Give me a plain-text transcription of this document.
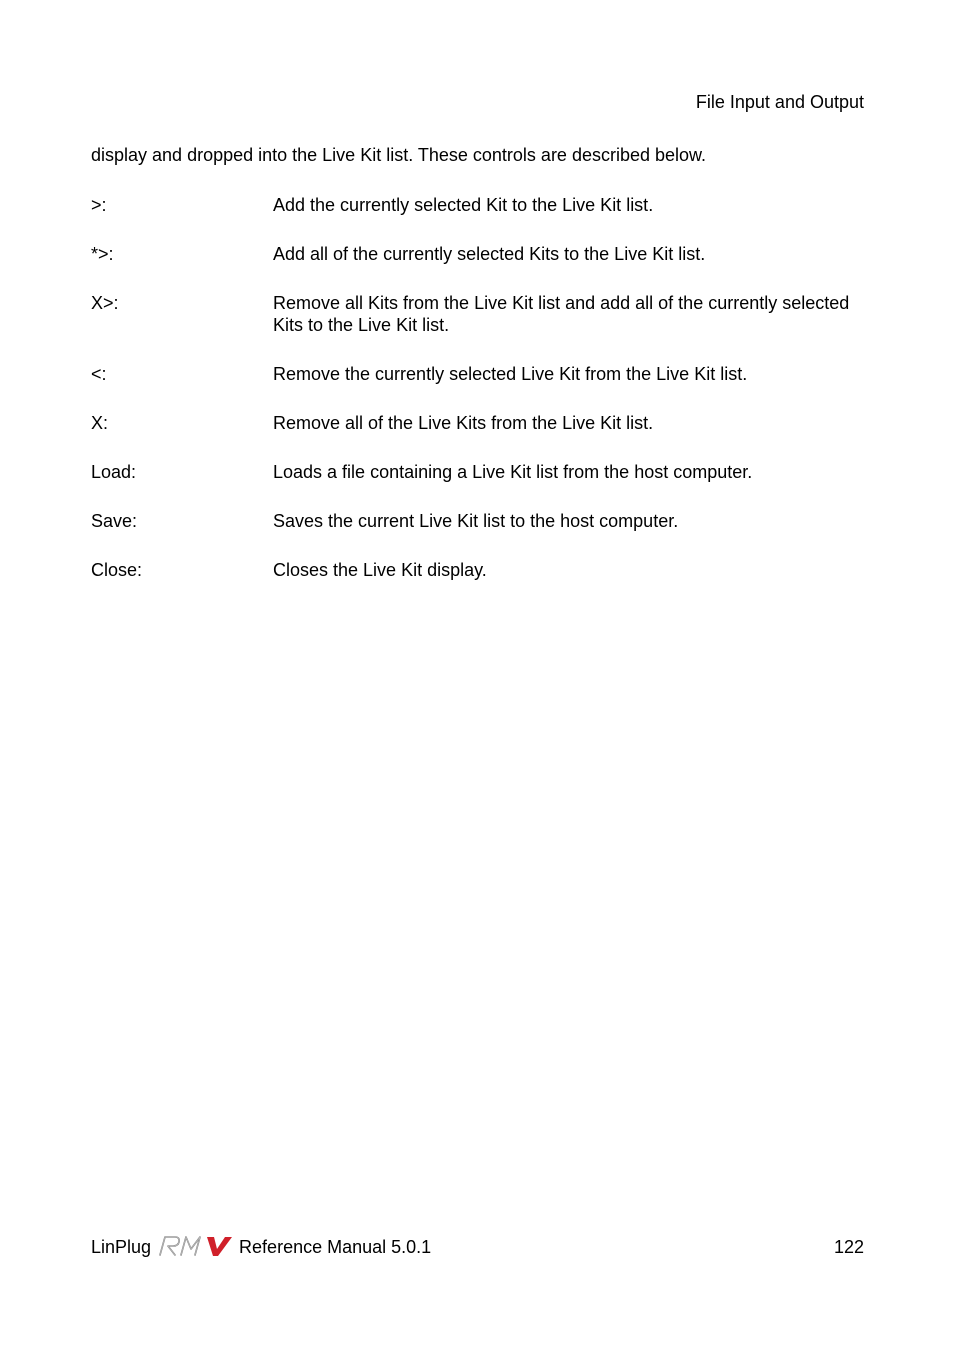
File Input and Output

display and dropped into the Live Kit list. These controls are described below.

>:	Add the currently selected Kit to the Live Kit list.
*>:	Add all of the currently selected Kits to the Live Kit list.
X>:	Remove all Kits from the Live Kit list and add all of the currently selected Kits to the Live Kit list.
<:	Remove the currently selected Live Kit from the Live Kit list.
X:	Remove all of the Live Kits from the Live Kit list.
Load:	Loads a file containing a Live Kit list from the host computer.
Save:	Saves the current Live Kit list to the host computer.
Close:	Closes the Live Kit display.
LinPlug	Reference Manual 5.0.1	122
